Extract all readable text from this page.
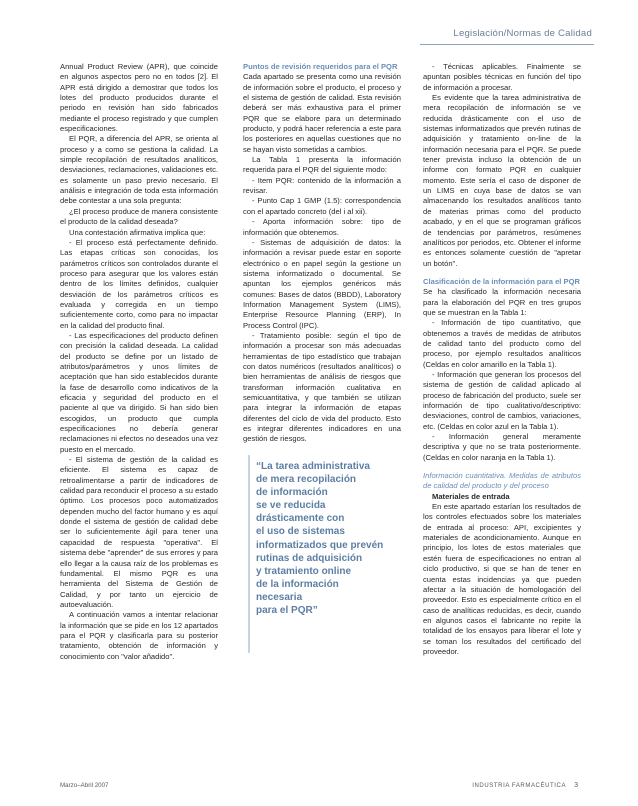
Legislación/Normas de Calidad

Annual Product Review (APR), que coincide en algunos aspectos pero no en todos [2]. El APR está dirigido a demostrar que todos los lotes del producto producidos durante el periodo en revisión han sido fabricados mediante el proceso registrado y que cumplen especificaciones.

El PQR, a diferencia del APR, se orienta al proceso y a como se gestiona la calidad. La simple recopilación de resultados analíticos, desviaciones, reclamaciones, validaciones etc. es solamente un paso previo necesario. El análisis e integración de toda esta información debe contestar a una sola pregunta:

¿El proceso produce de manera consistente el producto de la calidad deseada?

Una contestación afirmativa implica que:

- El proceso está perfectamente definido. Las etapas críticas son conocidas, los parámetros críticos son controlados durante el proceso para asegurar que los valores están dentro de los límites definidos, cualquier desviación de los parámetros críticos es evaluada y corregida en un tiempo suficientemente corto, como para no impactar en la calidad del producto final.

- Las especificaciones del producto definen con precisión la calidad deseada. La calidad del producto se define por un listado de atributos/parámetros y unos límites de aceptación que han sido establecidos durante la fase de desarrollo como indicativos de la eficacia y seguridad del producto en el paciente al que va dirigido. Si han sido bien escogidos, un producto que cumpla especificaciones no debería generar reclamaciones ni efectos no deseados una vez puesto en el mercado.

- El sistema de gestión de la calidad es eficiente. El sistema es capaz de retroalimentarse a partir de indicadores de calidad para reconducir el proceso a su estado óptimo. Los procesos poco automatizados dependen mucho del factor humano y es aquí donde el sistema de gestión de calidad debe ser lo suficientemente ágil para tener una capacidad de respuesta "operativa". El sistema debe "aprender" de sus errores y para ello llegar a la causa raíz de los problemas es fundamental. El mismo PQR es una herramienta del Sistema de Gestión de Calidad, y por tanto un ejercicio de autoevaluación.

A continuación vamos a intentar relacionar la información que se pide en los 12 apartados para el PQR y clasificarla para su posterior tratamiento, obtención de información y conocimiento con "valor añadido".

Puntos de revisión requeridos para el PQR

Cada apartado se presenta como una revisión de información sobre el producto, el proceso y el sistema de gestión de calidad. Esta revisión deberá ser más exhaustiva para el primer PQR que se elabore para un determinado producto, y podrá hacer referencia a este para los posteriores en aquellas cuestiones que no se hayan visto sometidas a cambios.

La Tabla 1 presenta la información requerida para el PQR del siguiente modo:

- Item PQR: contenido de la información a revisar.

- Punto Cap 1 GMP (1.5): correspondencia con el apartado concreto (del i al xii).

- Aporta información sobre: tipo de información que obtenemos.

- Sistemas de adquisición de datos: la información a revisar puede estar en soporte electrónico o en papel según la gestione un sistema informatizado o documental. Se apuntan los ejemplos genéricos más comunes: Bases de datos (BBDD), Laboratory Information Management System (LIMS), Enterprise Resource Planning (ERP), In Process Control (IPC).

- Tratamiento posible: según el tipo de información a procesar son más adecuadas herramientas de tipo estadístico que trabajan con datos numéricos (resultados analíticos) o bien herramientas de análisis de riesgos que transforman información cualitativa en semicuantitativa, y que también se utilizan para integrar la información de etapas diferentes del ciclo de vida del producto. Esto es integrar diferentes indicadores en una gestión de riesgos.

“La tarea administrativa
de mera recopilación
de información
se ve reducida
drásticamente con
el uso de sistemas
informatizados que prevén
rutinas de adquisición
y tratamiento online
de la información
necesaria
para el PQR”

- Técnicas aplicables. Finalmente se apuntan posibles técnicas en función del tipo de información a procesar.

Es evidente que la tarea administrativa de mera recopilación de información se ve reducida drásticamente con el uso de sistemas informatizados que prevén rutinas de adquisición y tratamiento on-line de la información necesaria para el PQR. Se puede tener prevista incluso la obtención de un informe con formato PQR en cualquier momento. Este sería el caso de disponer de un LIMS en cuya base de datos se van almacenando los resultados analíticos tanto de materias primas como del producto acabado, y en el que se programan gráficos de tendencias por parámetros, resúmenes analíticos por periodos, etc. Obtener el informe es entonces solamente cuestión de "apretar un botón".

Clasificación de la información para el PQR

Se ha clasificado la información necesaria para la elaboración del PQR en tres grupos que se muestran en la Tabla 1:

- Información de tipo cuantitativo, que obtenemos a través de medidas de atributos de calidad tanto del producto como del proceso, por ejemplo resultados analíticos (Celdas en color amarillo en la Tabla 1).

- Información que generan los procesos del sistema de gestión de calidad aplicado al proceso de fabricación del producto, suele ser información de tipo cualitativo/descriptivo: desviaciones, control de cambios, variaciones, etc. (Celdas en color azul en la Tabla 1).

- Información general meramente descriptiva y que no se trata posteriormente. (Celdas en color naranja en la Tabla 1).

Información cuantitativa. Medidas de atributos de calidad del producto y del proceso

Materiales de entrada

En este apartado estarían los resultados de los controles efectuados sobre los materiales de entrada al proceso: API, excipientes y materiales de acondicionamiento. Aunque en principio, los lotes de estos materiales que estén fuera de especificaciones no entran al ciclo productivo, si que se han de tener en cuenta estas incidencias ya que pueden afectar a la situación de homologación del proveedor. Esto es especialmente crítico en el caso de analíticas reducidas, es decir, cuando en algunos casos el fabricante no repite la totalidad de los ensayos para liberar el lote y se toman los resultados del certificado del proveedor.

Marzo–Abril 2007	INDUSTRIA FARMACÉUTICA 3
